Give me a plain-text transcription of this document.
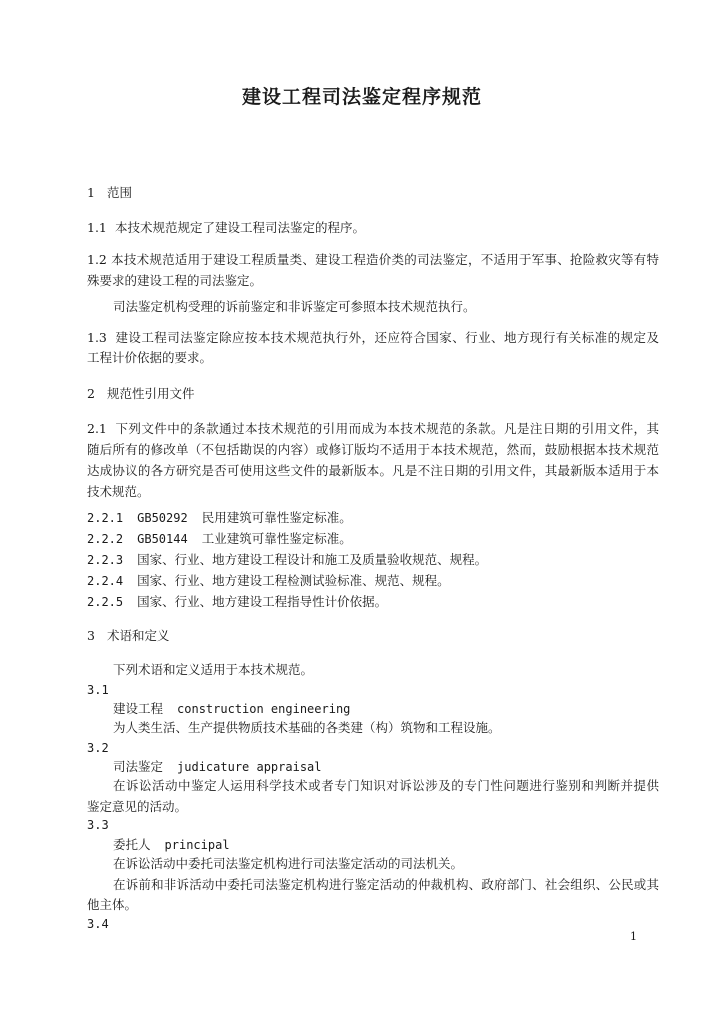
建设工程司法鉴定程序规范
1 范围
1.1 本技术规范规定了建设工程司法鉴定的程序。
1.2 本技术规范适用于建设工程质量类、建设工程造价类的司法鉴定，不适用于军事、抢险救灾等有特
殊要求的建设工程的司法鉴定。
司法鉴定机构受理的诉前鉴定和非诉鉴定可参照本技术规范执行。
1.3 建设工程司法鉴定除应按本技术规范执行外，还应符合国家、行业、地方现行有关标准的规定及
工程计价依据的要求。
2 规范性引用文件
2.1 下列文件中的条款通过本技术规范的引用而成为本技术规范的条款。凡是注日期的引用文件，其
随后所有的修改单（不包括勘误的内容）或修订版均不适用于本技术规范，然而，鼓励根据本技术规范
达成协议的各方研究是否可使用这些文件的最新版本。凡是不注日期的引用文件，其最新版本适用于本
技术规范。
2.2.1 GB50292 民用建筑可靠性鉴定标准。
2.2.2 GB50144 工业建筑可靠性鉴定标准。
2.2.3 国家、行业、地方建设工程设计和施工及质量验收规范、规程。
2.2.4 国家、行业、地方建设工程检测试验标准、规范、规程。
2.2.5 国家、行业、地方建设工程指导性计价依据。
3 术语和定义
下列术语和定义适用于本技术规范。
3.1
建设工程 construction engineering
为人类生活、生产提供物质技术基础的各类建（构）筑物和工程设施。
3.2
司法鉴定 judicature appraisal
在诉讼活动中鉴定人运用科学技术或者专门知识对诉讼涉及的专门性问题进行鉴别和判断并提供
鉴定意见的活动。
3.3
委托人 principal
在诉讼活动中委托司法鉴定机构进行司法鉴定活动的司法机关。
在诉前和非诉活动中委托司法鉴定机构进行鉴定活动的仲裁机构、政府部门、社会组织、公民或其
他主体。
3.4
1
